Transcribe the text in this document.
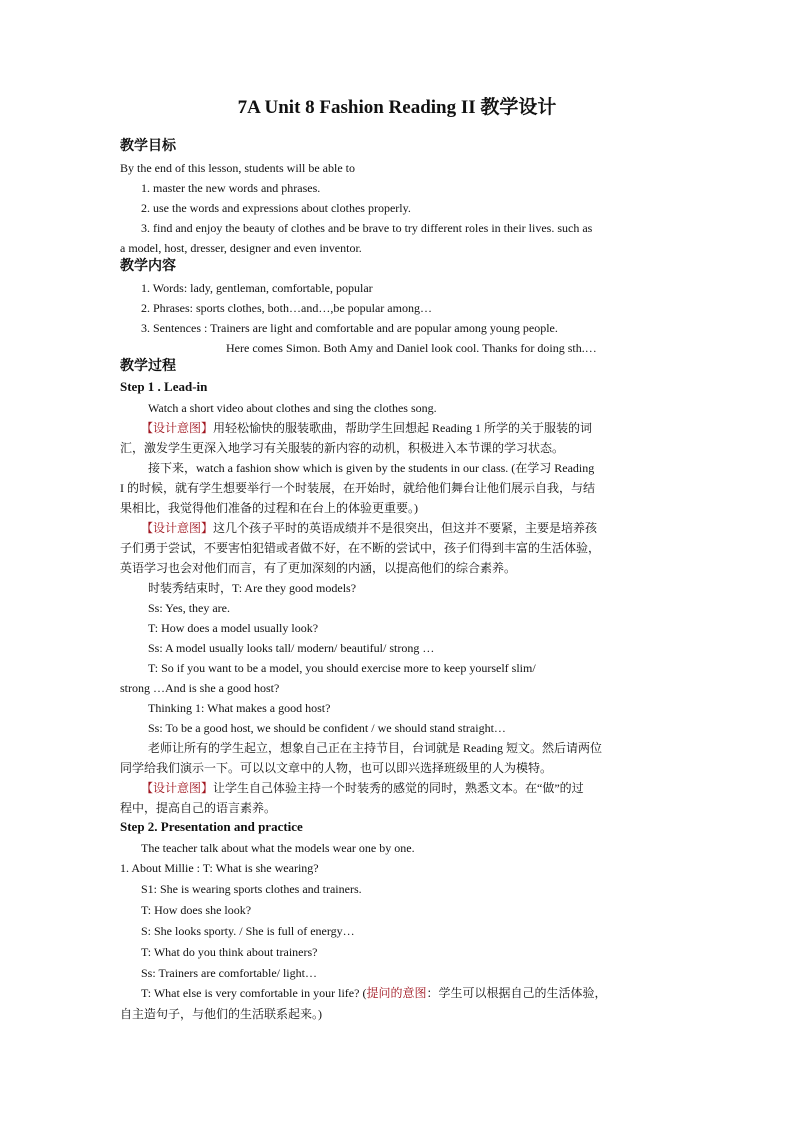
7A Unit 8 Fashion Reading II 教学设计
教学目标
By the end of this lesson, students will be able to
1. master the new words and phrases.
2. use the words and expressions about clothes properly.
3. find and enjoy the beauty of clothes and be brave to try different roles in their lives. such as
a model, host, dresser, designer and even inventor.
教学内容
1. Words: lady, gentleman, comfortable, popular
2. Phrases: sports clothes, both…and…,be popular among…
3. Sentences : Trainers are light and comfortable and are popular among young people.
Here comes Simon. Both Amy and Daniel look cool. Thanks for doing sth.…
教学过程
Step 1 . Lead-in
Watch a short video about clothes and sing the clothes song.
【设计意图】用轻松愉快的服装歌曲，帮助学生回想起 Reading 1 所学的关于服装的词
汇，激发学生更深入地学习有关服装的新内容的动机，积极进入本节课的学习状态。
接下来，watch a fashion show which is given by the students in our class. (在学习 Reading
I 的时候，就有学生想要举行一个时装展，在开始时，就给他们舞台让他们展示自我，与结
果相比，我觉得他们准备的过程和在台上的体验更重要。)
【设计意图】这几个孩子平时的英语成绩并不是很突出，但这并不要紧，主要是培养孩
子们勇于尝试，不要害怕犯错或者做不好，在不断的尝试中，孩子们得到丰富的生活体验，
英语学习也会对他们而言，有了更加深刻的内涵，以提高他们的综合素养。
时装秀结束时，T: Are they good models?
Ss: Yes, they are.
T: How does a model usually look?
Ss: A model usually looks tall/ modern/ beautiful/ strong …
T: So if you want to be a model, you should exercise more to keep yourself slim/
strong …And is she a good host?
Thinking 1: What makes a good host?
Ss: To be a good host, we should be confident / we should stand straight…
老师让所有的学生起立，想象自己正在主持节目，台词就是 Reading 短文。然后请两位
同学给我们演示一下。可以以文章中的人物，也可以即兴选择班级里的人为模特。
【设计意图】让学生自己体验主持一个时装秀的感觉的同时，熟悉文本。在“做”的过
程中，提高自己的语言素养。
Step 2. Presentation and practice
The teacher talk about what the models wear one by one.
1. About Millie : T: What is she wearing?
S1: She is wearing sports clothes and trainers.
T: How does she look?
S: She looks sporty. / She is full of energy…
T: What do you think about trainers?
Ss: Trainers are comfortable/ light…
T: What else is very comfortable in your life? (提问的意图：学生可以根据自己的生活体验，
自主造句子，与他们的生活联系起来。)
